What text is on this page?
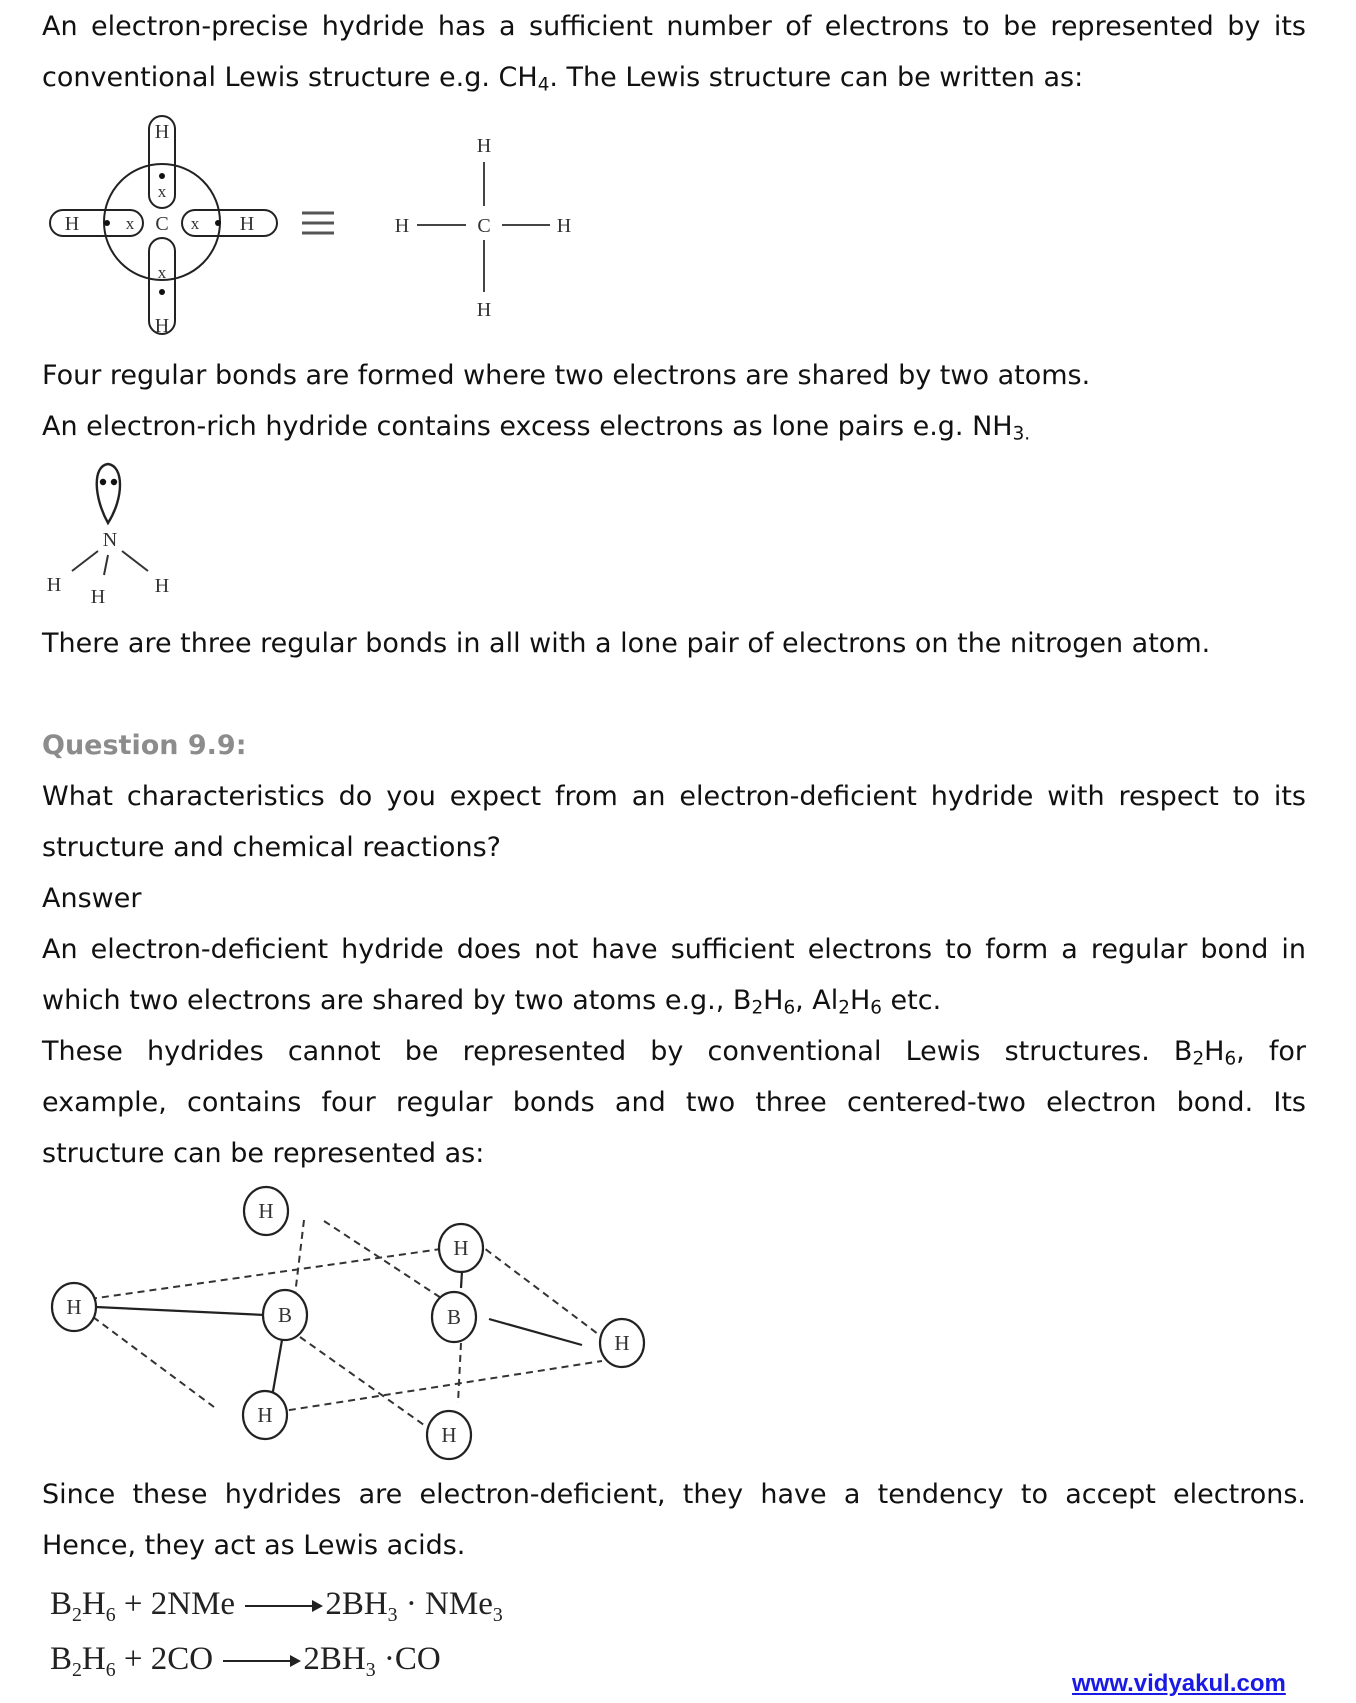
An electron-precise hydride has a sufficient number of electrons to be represented by its

conventional Lewis structure e.g. $CH_4$. The Lewis structure can be written as:

H
H
H	H
C
x
x
x	x
H
H
H	H
C

Four regular bonds are formed where two electrons are shared by two atoms.

An electron-rich hydride contains excess electrons as lone pairs e.g. $NH_{3.}$

N
H
H H

There are three regular bonds in all with a lone pair of electrons on the nitrogen atom.

Question 9.9:

What characteristics do you expect from an electron-deficient hydride with respect to its

structure and chemical reactions?

Answer

An electron-deficient hydride does not have sufficient electrons to form a regular bond in

which two electrons are shared by two atoms e.g., $B_2H_6$, $Al_2H_6$ etc.

These hydrides cannot be represented by conventional Lewis structures. $B_2H_6$, for

example, contains four regular bonds and two three centered-two electron bond. Its

structure can be represented as:

H
H	B
H
H
B
H
H

Since these hydrides are electron-deficient, they have a tendency to accept electrons.

Hence, they act as Lewis acids.

$B_2H_6 + 2NMe$	$2BH_3 \cdot NMe_3$
$B_2H_6 + 2CO$	$2BH_3 \cdot CO$
www.vidyakul.com
